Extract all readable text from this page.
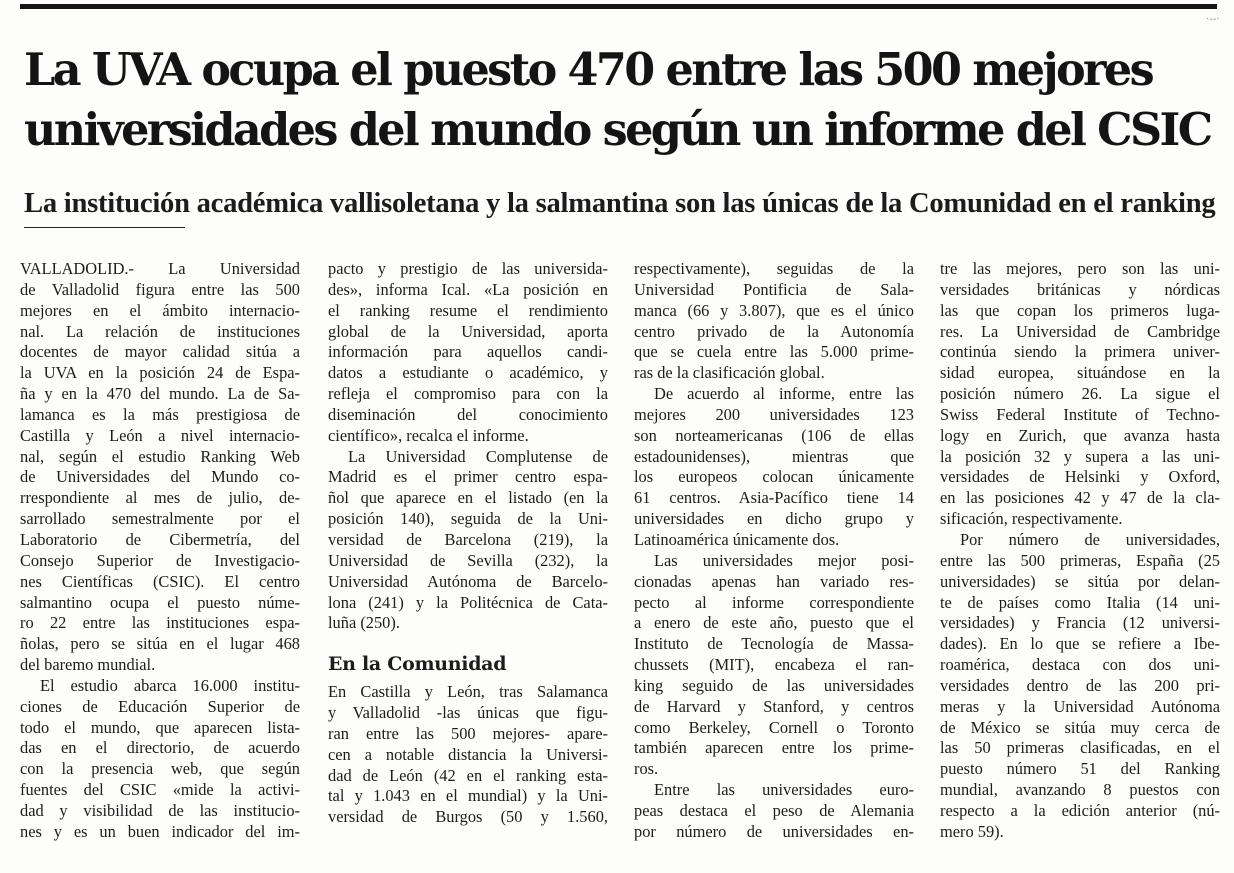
·--·
La UVA ocupa el puesto 470 entre las 500 mejores
universidades del mundo según un informe del CSIC
La institución académica vallisoletana y la salmantina son las únicas de la Comunidad en el ranking

VALLADOLID.- La Universidad

de Valladolid figura entre las 500

mejores en el ámbito internacio-

nal. La relación de instituciones

docentes de mayor calidad sitúa a

la UVA en la posición 24 de Espa-

ña y en la 470 del mundo. La de Sa-

lamanca es la más prestigiosa de

Castilla y León a nivel internacio-

nal, según el estudio Ranking Web

de Universidades del Mundo co-

rrespondiente al mes de julio, de-

sarrollado semestralmente por el

Laboratorio de Cibermetría, del

Consejo Superior de Investigacio-

nes Científicas (CSIC). El centro

salmantino ocupa el puesto núme-

ro 22 entre las instituciones espa-

ñolas, pero se sitúa en el lugar 468

del baremo mundial.

El estudio abarca 16.000 institu-

ciones de Educación Superior de

todo el mundo, que aparecen lista-

das en el directorio, de acuerdo

con la presencia web, que según

fuentes del CSIC «mide la activi-

dad y visibilidad de las institucio-

nes y es un buen indicador del im-

pacto y prestigio de las universida-

des», informa Ical. «La posición en

el ranking resume el rendimiento

global de la Universidad, aporta

información para aquellos candi-

datos a estudiante o académico, y

refleja el compromiso para con la

diseminación del conocimiento

científico», recalca el informe.

La Universidad Complutense de

Madrid es el primer centro espa-

ñol que aparece en el listado (en la

posición 140), seguida de la Uni-

versidad de Barcelona (219), la

Universidad de Sevilla (232), la

Universidad Autónoma de Barcelo-

lona (241) y la Politécnica de Cata-

luña (250).

En la Comunidad

En Castilla y León, tras Salamanca

y Valladolid -las únicas que figu-

ran entre las 500 mejores- apare-

cen a notable distancia la Universi-

dad de León (42 en el ranking esta-

tal y 1.043 en el mundial) y la Uni-

versidad de Burgos (50 y 1.560,

respectivamente), seguidas de la

Universidad Pontificia de Sala-

manca (66 y 3.807), que es el único

centro privado de la Autonomía

que se cuela entre las 5.000 prime-

ras de la clasificación global.

De acuerdo al informe, entre las

mejores 200 universidades 123

son norteamericanas (106 de ellas

estadounidenses), mientras que

los europeos colocan únicamente

61 centros. Asia-Pacífico tiene 14

universidades en dicho grupo y

Latinoamérica únicamente dos.

Las universidades mejor posi-

cionadas apenas han variado res-

pecto al informe correspondiente

a enero de este año, puesto que el

Instituto de Tecnología de Massa-

chussets (MIT), encabeza el ran-

king seguido de las universidades

de Harvard y Stanford, y centros

como Berkeley, Cornell o Toronto

también aparecen entre los prime-

ros.

Entre las universidades euro-

peas destaca el peso de Alemania

por número de universidades en-

tre las mejores, pero son las uni-

versidades británicas y nórdicas

las que copan los primeros luga-

res. La Universidad de Cambridge

continúa siendo la primera univer-

sidad europea, situándose en la

posición número 26. La sigue el

Swiss Federal Institute of Techno-

logy en Zurich, que avanza hasta

la posición 32 y supera a las uni-

versidades de Helsinki y Oxford,

en las posiciones 42 y 47 de la cla-

sificación, respectivamente.

Por número de universidades,

entre las 500 primeras, España (25

universidades) se sitúa por delan-

te de países como Italia (14 uni-

versidades) y Francia (12 universi-

dades). En lo que se refiere a Ibe-

roamérica, destaca con dos uni-

versidades dentro de las 200 pri-

meras y la Universidad Autónoma

de México se sitúa muy cerca de

las 50 primeras clasificadas, en el

puesto número 51 del Ranking

mundial, avanzando 8 puestos con

respecto a la edición anterior (nú-

mero 59).
